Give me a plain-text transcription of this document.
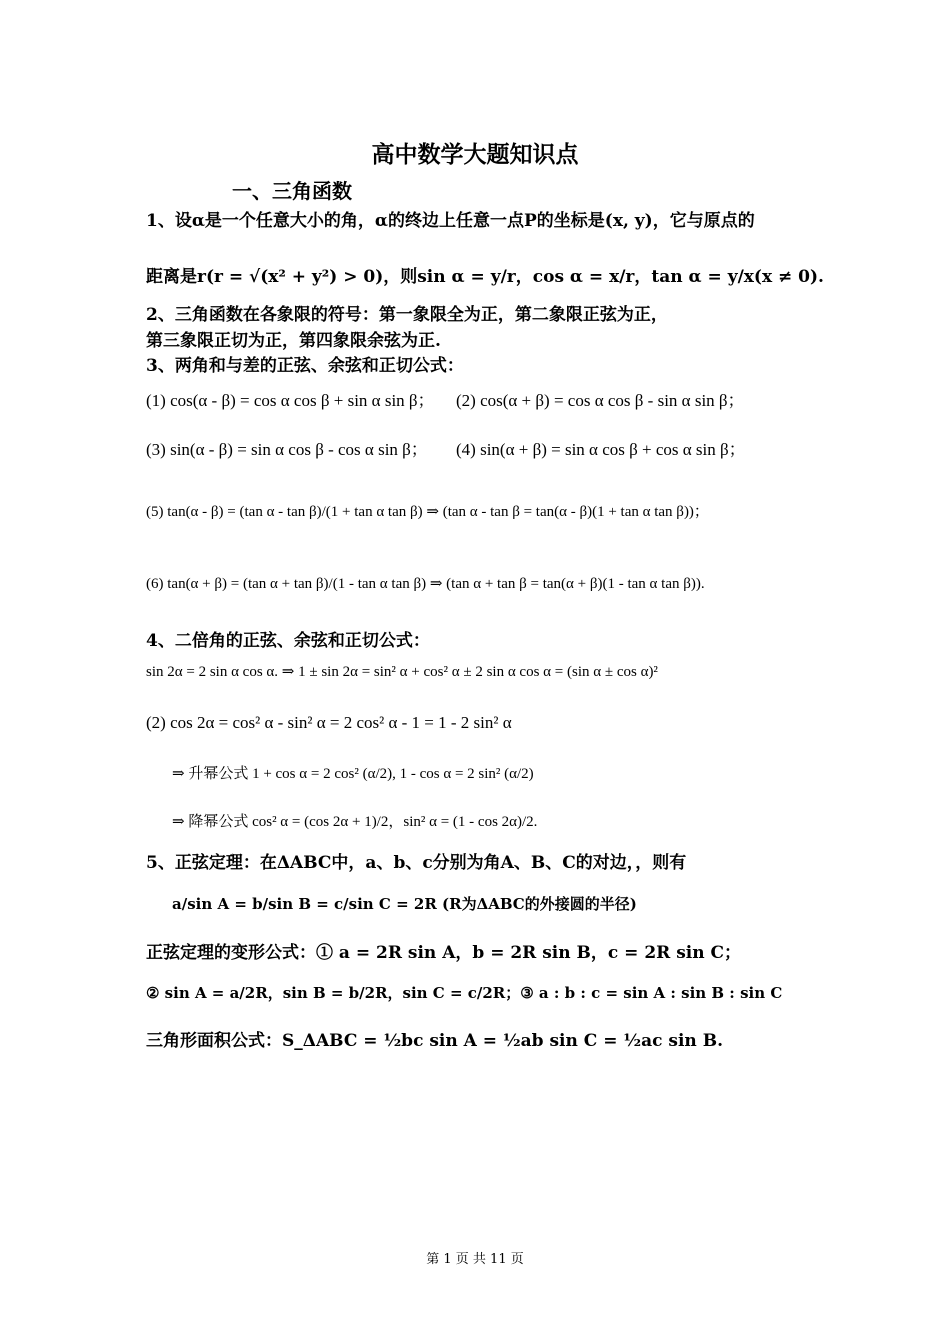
高中数学大题知识点
一、三角函数
1、设α是一个任意大小的角，α的终边上任意一点P的坐标是(x, y)，它与原点的
距离是r(r = √(x² + y²) > 0)，则sin α = y/r，cos α = x/r，tan α = y/x(x ≠ 0).
2、三角函数在各象限的符号：第一象限全为正，第二象限正弦为正，
第三象限正切为正，第四象限余弦为正.
3、两角和与差的正弦、余弦和正切公式：
(1) cos(α - β) = cos α cos β + sin α sin β； (2) cos(α + β) = cos α cos β - sin α sin β；
(3) sin(α - β) = sin α cos β - cos α sin β； (4) sin(α + β) = sin α cos β + cos α sin β；
(5) tan(α - β) = (tan α - tan β)/(1 + tan α tan β) ⇒ (tan α - tan β = tan(α - β)(1 + tan α tan β))；
(6) tan(α + β) = (tan α + tan β)/(1 - tan α tan β) ⇒ (tan α + tan β = tan(α + β)(1 - tan α tan β)).
4、二倍角的正弦、余弦和正切公式：
sin 2α = 2 sin α cos α. ⇒ 1 ± sin 2α = sin² α + cos² α ± 2 sin α cos α = (sin α ± cos α)²
(2) cos 2α = cos² α - sin² α = 2 cos² α - 1 = 1 - 2 sin² α
⇒ 升幂公式 1 + cos α = 2 cos² (α/2), 1 - cos α = 2 sin² (α/2)
⇒ 降幂公式 cos² α = (cos 2α + 1)/2，sin² α = (1 - cos 2α)/2.
5、正弦定理：在ΔABC中，a、b、c分别为角A、B、C的对边，，则有
a/sin A = b/sin B = c/sin C = 2R (R为ΔABC的外接圆的半径)
正弦定理的变形公式：① a = 2R sin A，b = 2R sin B，c = 2R sin C；
② sin A = a/2R，sin B = b/2R，sin C = c/2R；③ a : b : c = sin A : sin B : sin C
三角形面积公式：S_ΔABC = ½bc sin A = ½ab sin C = ½ac sin B.
第 1 页 共 11 页
